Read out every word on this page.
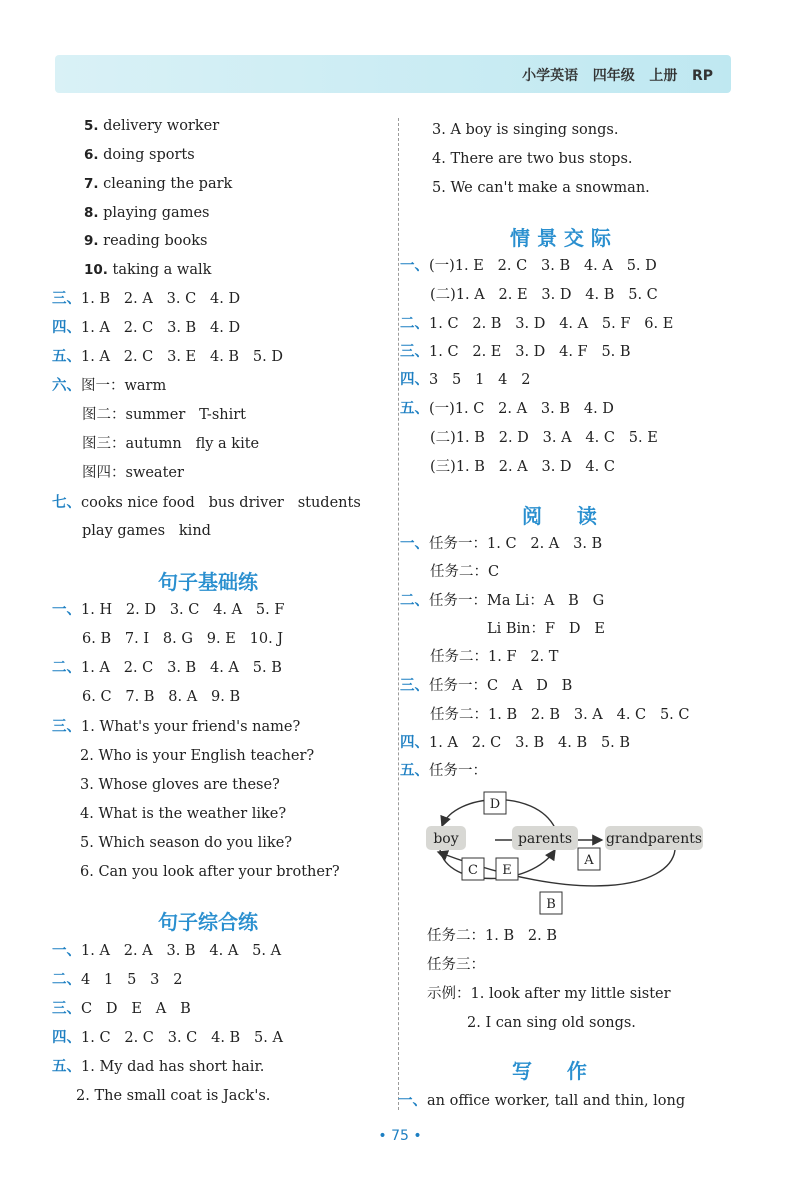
小学英语   四年级   上册   RP
5. delivery worker
6. doing sports
7. cleaning the park
8. playing games
9. reading books
10. taking a walk
三、1. B   2. A   3. C   4. D
四、1. A   2. C   3. B   4. D
五、1. A   2. C   3. E   4. B   5. D
六、图一：warm
图二：summer   T-shirt
图三：autumn   fly a kite
图四：sweater
七、cooks nice food   bus driver   students
play games   kind
句子基础练
一、1. H   2. D   3. C   4. A   5. F
6. B   7. I   8. G   9. E   10. J
二、1. A   2. C   3. B   4. A   5. B
6. C   7. B   8. A   9. B
三、1. What's your friend's name?
2. Who is your English teacher?
3. Whose gloves are these?
4. What is the weather like?
5. Which season do you like?
6. Can you look after your brother?
句子综合练
一、1. A   2. A   3. B   4. A   5. A
二、4   1   5   3   2
三、C   D   E   A   B
四、1. C   2. C   3. C   4. B   5. A
五、1. My dad has short hair.
2. The small coat is Jack's.
3. A boy is singing songs.
4. There are two bus stops.
5. We can't make a snowman.
情 景 交 际
一、(一)1. E   2. C   3. B   4. A   5. D
(二)1. A   2. E   3. D   4. B   5. C
二、1. C   2. B   3. D   4. A   5. F   6. E
三、1. C   2. E   3. D   4. F   5. B
四、3   5   1   4   2
五、(一)1. C   2. A   3. B   4. D
(二)1. B   2. D   3. A   4. C   5. E
(三)1. B   2. A   3. D   4. C
阅     读
一、任务一：1. C   2. A   3. B
任务二：C
二、任务一：Ma Li：A   B   G
Li Bin：F   D   E
任务二：1. F   2. T
三、任务一：C   A   D   B
任务二：1. B   2. B   3. A   4. C   5. C
四、1. A   2. C   3. B   4. B   5. B
五、任务一：
boy	parents grandparents
D
C E
A
B
任务二：1. B   2. B
任务三：
示例：1. look after my little sister
2. I can sing old songs.
写     作
一、an office worker, tall and thin, long
• 75 •
